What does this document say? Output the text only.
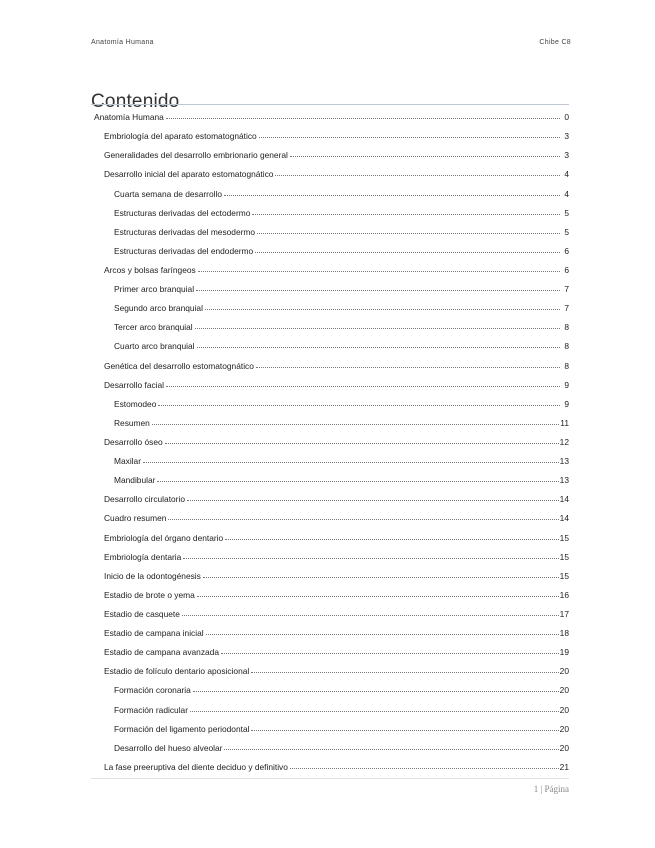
Anatomía Humana	Chibe C8
Contenido
Anatomía Humana	0
Embriología del aparato estomatognático	3
Generalidades del desarrollo embrionario general	3
Desarrollo inicial del aparato estomatognático	4
Cuarta semana de desarrollo	4
Estructuras derivadas del ectodermo	5
Estructuras derivadas del mesodermo	5
Estructuras derivadas del endodermo	6
Arcos y bolsas faríngeos	6
Primer arco branquial	7
Segundo arco branquial	7
Tercer arco branquial	8
Cuarto arco branquial	8
Genética del desarrollo estomatognático	8
Desarrollo facial	9
Estomodeo	9
Resumen	11
Desarrollo óseo	12
Maxilar	13
Mandibular	13
Desarrollo circulatorio	14
Cuadro resumen	14
Embriología del órgano dentario	15
Embriología dentaria	15
Inicio de la odontogénesis	15
Estadio de brote o yema	16
Estadio de casquete	17
Estadio de campana inicial	18
Estadio de campana avanzada	19
Estadio de folículo dentario aposicional	20
Formación coronaria	20
Formación radicular	20
Formación del ligamento periodontal	20
Desarrollo del hueso alveolar	20
La fase preeruptiva del diente deciduo y definitivo	21
1 | Página
